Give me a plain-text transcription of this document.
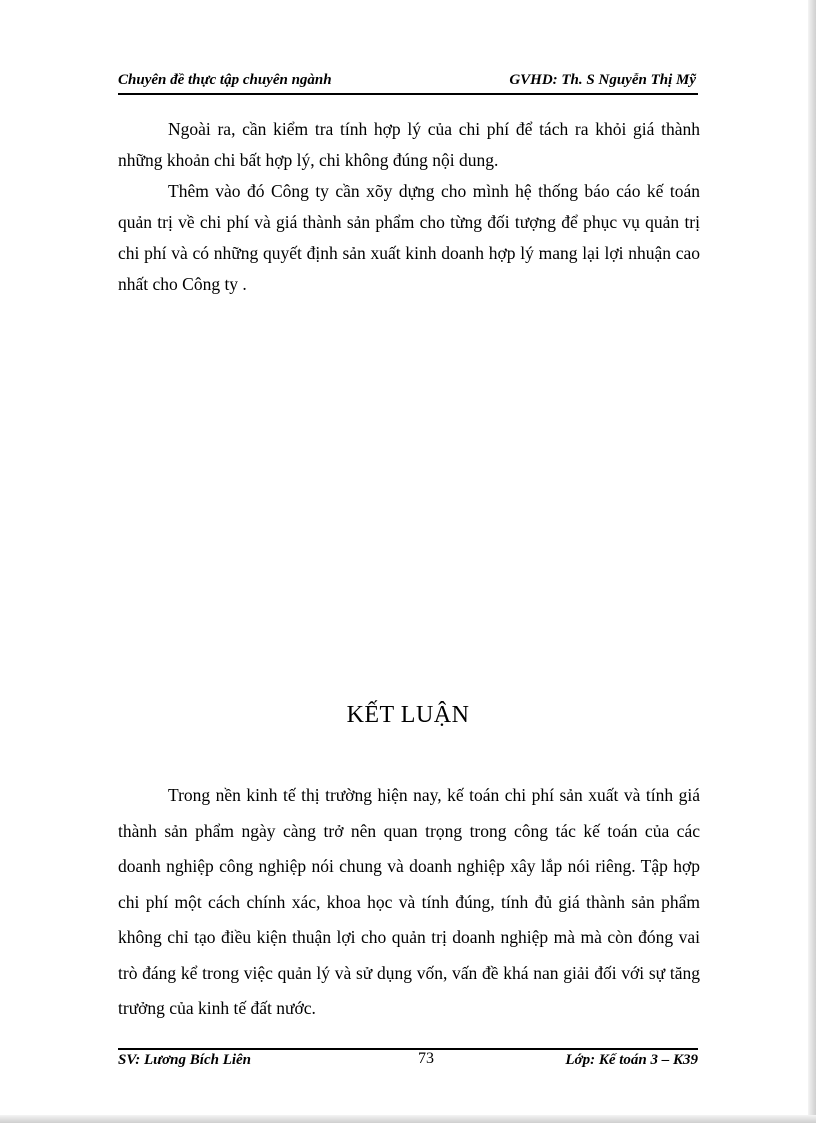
Chuyên đề thực tập chuyên ngành	GVHD: Th. S Nguyễn Thị Mỹ

Ngoài ra, cần kiểm tra tính hợp lý của chi phí để tách ra khỏi giá thành những khoản chi bất hợp lý, chi không đúng nội dung.

Thêm vào đó Công ty cần xõy dựng cho mình hệ thống báo cáo kế toán quản trị về chi phí và giá thành sản phẩm cho từng đối tượng để phục vụ quản trị chi phí và có những quyết định sản xuất kinh doanh hợp lý mang lại lợi nhuận cao nhất cho Công ty .

KẾT LUẬN

Trong nền kinh tế thị trường hiện nay, kế toán chi phí sản xuất và tính giá thành sản phẩm ngày càng trở nên quan trọng trong công tác kế toán của các doanh nghiệp công nghiệp nói chung và doanh nghiệp xây lắp nói riêng. Tập hợp chi phí một cách chính xác, khoa học và tính đúng, tính đủ giá thành sản phẩm không chỉ tạo điều kiện thuận lợi cho quản trị doanh nghiệp mà mà còn đóng vai trò đáng kể trong việc quản lý và sử dụng vốn, vấn đề khá nan giải đối với sự tăng trưởng của kinh tế đất nước.

SV: Lương Bích Liên	73	Lớp: Kế toán 3 – K39
